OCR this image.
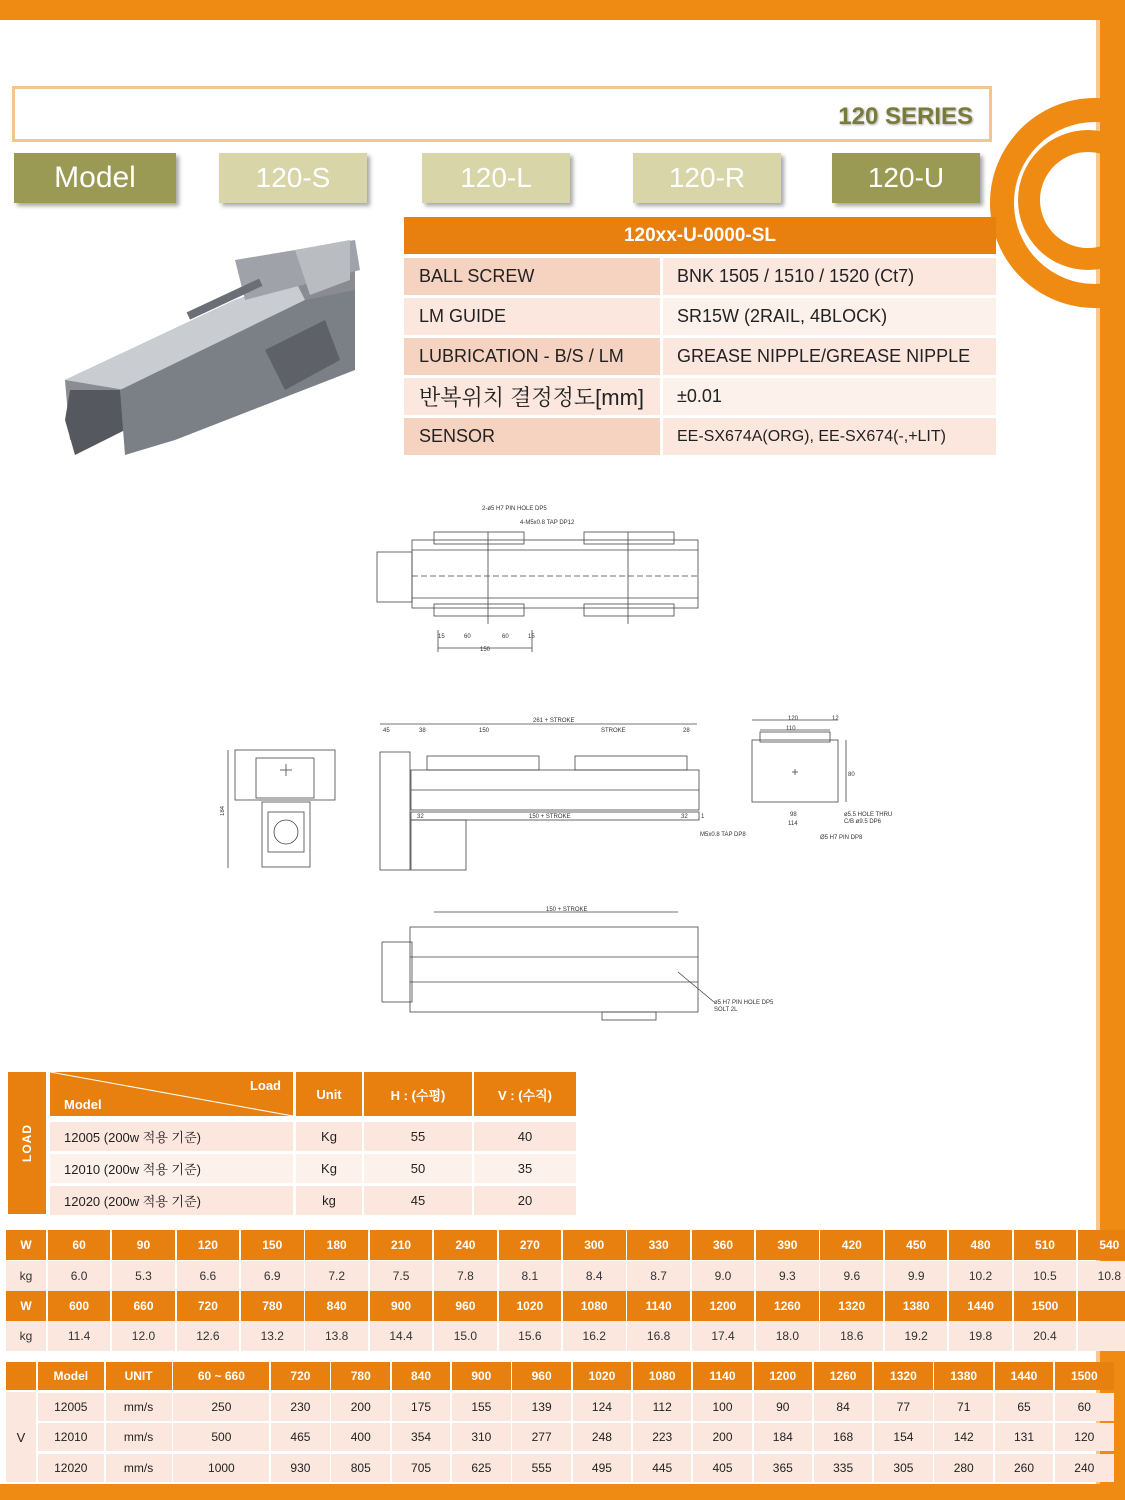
120 SERIES
Model	120-S	120-L	120-R	120-U
120xx-U-0000-SL
BALL SCREW	BNK 1505 / 1510 / 1520 (Ct7)
LM GUIDE	SR15W (2RAIL, 4BLOCK)
LUBRICATION - B/S / LM	GREASE NIPPLE/GREASE NIPPLE
반복위치 결정정도[mm]	±0.01
SENSOR	EE-SX674A(ORG), EE-SX674(-,+LIT)
2-ø5 H7 PIN HOLE DP5
4-M5x0.8 TAP DP12
15	60	60	15
150
184
45	38	150
261 + STROKE
STROKE	28
32	150 + STROKE	32 1
M5x0.8 TAP DP8
120	12
110
80
98
114
ø5.5 HOLE THRU
C/B ø9.5 DP6
Ø5 H7 PIN DP8
150 + STROKE
ø5 H7 PIN HOLE DP5
SOLT 2L
LOAD
Load
Model
Unit	H : (수평)	V : (수직)
12005 (200w 적용 기준)	Kg	55	40
12010 (200w 적용 기준)	Kg	50	35
12020 (200w 적용 기준)	kg	45	20
W	60	90	120	150	180	210	240	270	300	330	360	390	420	450	480	510	540
kg	6.0	5.3	6.6	6.9	7.2	7.5	7.8	8.1	8.4	8.7	9.0	9.3	9.6	9.9	10.2	10.5	10.8
W	600	660	720	780	840	900	960	1020	1080	1140	1200	1260	1320	1380	1440	1500
kg	11.4	12.0	12.6	13.2	13.8	14.4	15.0	15.6	16.2	16.8	17.4	18.0	18.6	19.2	19.8	20.4
Model	UNIT	60 ~ 660	720	780	840	900	960	1020	1080	1140	1200	1260	1320	1380	1440	1500
12005	mm/s	250	230	200	175	155	139	124	112	100	90	84	77	71	65	60
12010	mm/s	500	465	400	354	310	277	248	223	200	184	168	154	142	131	120
12020	mm/s	1000	930	805	705	625	555	495	445	405	365	335	305	280	260	240
V
